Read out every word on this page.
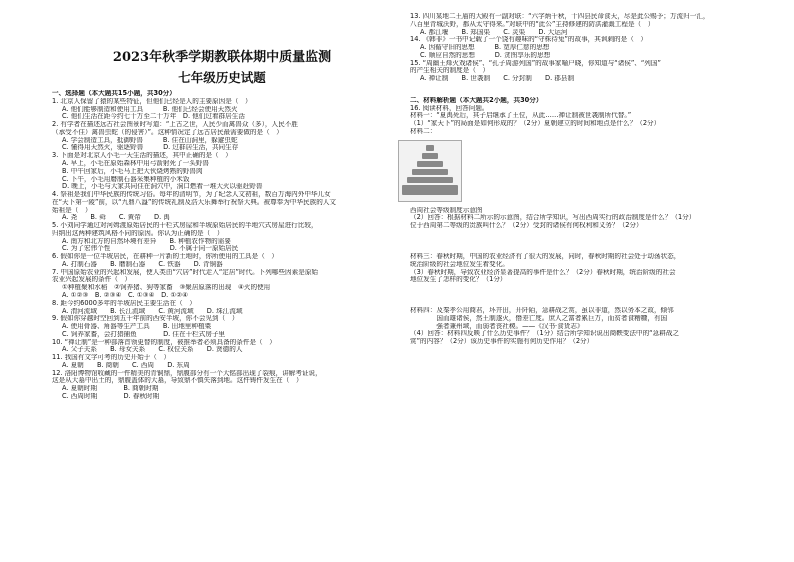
2023年秋季学期教联体期中质量监测
七年级历史试题
一、选择题（本大题共15小题，共30分）
1. 北京人保留了猿的某些特征，但他们已经是人的主要原因是（　）
A. 他们能够制造和使用工具　　　B. 他们已经会使用天然火
C. 他们生活在距今约七十万至二十万年　D. 他们过着群居生活
2. 有学者在描述远古社会图景时写道：“上古之世，人民少而禽兽众（多），人民不胜
（承受不住）禽兽虫蛇（的侵害）”。这种情况定了远古居民最需要做的是（　）
A. 学会制造工具，抵御野兽　　　B. 住在山洞里，躲避虫蛇
C. 懂得用天然火，驱逐野兽　　　D. 过群居生活，共同生存
3. 下面是对北京人小毛一天生活的描述，其中正确的是（　）
A. 早上，小毛在原始森林中用弓箭射死了一头野兽
B. 中午回家后，小毛马上把大伙烧烤熟的野兽肉
C. 下午，小毛用磨制石器采集种植的小米饭
D. 晚上，小毛与大家共同住在洞穴中，洞口燃着一堆大火以驱赶野兽
4. 祭祖是我们中华民族的传统习俗。每年的清明节，为了纪念人文初祖，数百万海内外中华儿女
在“天下第一陵”前，以“九鼎八簋”的传统礼制及浩大乐舞举行祝祭大典。被尊奉为中华民族的人文
始祖是（　）
A. 尧　　B. 舜　　C. 黄帝　　D. 禹
5. 小刘同学通过对河姆渡原始居民的干栏式房屋和半坡原始居民的半地穴式房屋进行比较，
归纳出这两种建筑风格不同的原因。你认为正确的是（　）
A. 南方和北方的自然环境有差异　　B. 种植农作物的需要
C. 为了宏伟个性　　　　　　　　　D. 不属于同一原始居民
6. 假如你是一位半坡居民，在耕种一片新的土地时，你所使用的工具是（　）
A. 打制石器　　B. 磨制石器　　C. 铁器　　D. 青铜器
7. 中国原始农业的兴起和发展，使人类由“穴居”时代走入“定居”时代。下列哪些因素是原始
农业兴起发展的条件（　）
①种植聚和水稻　②饲养猪、狗等家畜　③聚居原落的出现　④火的使用
A. ①②③　B. ②③④　C. ①③④　D. ①②④
8. 距今约6000多年的半坡居民主要生活在（　）
A. 渭河流域　　B. 长江流域　　C. 黄河流域　　D. 珠江流域
9. 假如你穿越时空回到五千年前的西安半坡，你不会见到（　）
A. 使用骨器、角器等生产工具　　B. 田地里种植粟
C. 饲养家畜，会打猎捕鱼　　　　D. 住在干栏式房子里
10. “禅让制”是一种部落首领更替的制度，被推举者必须具备的条件是（　）
A. 父子关系　　B. 母女关系　　C. 权位关系　　D. 贤德的人
11. 我国有文字可考的历史开始于（　）
A. 夏朝　　B. 商朝　　C. 西周　　D. 东周
12. 洛阳博物馆收藏的一件精美的青铜鼎，鼎腹部分有一个大铭部出现了裂痕，讲解考证说，
这是从大墓中出土的，鼎腹盖体的大墓，导致鼎不慎失落到地。这件铸件发生在（　）
A. 夏朝时期　　　　B. 商朝时期
C. 西周时期　　　　D. 春秋时期
13. 四川某地二王庙的大殿有一副对联：“六字炳千秋，十四县民命食天，尽是此公赐予；万流归一汇，
八百里青城沃野，都从太守得来。”对联中的“此公”主持修建的防洪灌溉工程是（　）
A. 都江堰　　B. 郑国渠　　C. 灵渠　　D. 大运河
14. 《韩非》一书中记载了一个饶有趣味的“守株待兔”的故事，其讽刺的是（　）
A. 因循守旧的思想　　　B. 宽厚仁慈的思想
C. 顺应自然的思想　　　D. 贪图享乐的思想
15. “周幽王烽火戏诸侯”、“孔子周游列国”的故事家喻户晓，你知道与“诸侯”、“列国”
的产生相关的制度是（　）
A. 禅让制　　B. 世袭制　　C. 分封制　　D. 郡县制
二、材料解析题（本大题共2小题，共30分）
16. 阅读材料，回答问题。
材料一：“夏禹死后，其子启继承了王位，从此……禅让制被世袭制所代替。”
（1）“家天下”的局面是如何形成的？（2分）夏朝建立的时间和地点是什么？（2分）
材料二：
西周社会等级制度示意图
（2）回答：根据材料二所示的示意图，结合所学知识，写出西周实行的政治制度是什么？（1分）
位于西周第二等级的贵族叫什么？（2分）受封的诸侯有何权利和义务？（2分）
材料三：春秋时期，中国的农业经济有了很大的发展，同时，春秋时期的社会处于动荡状态，
统治阶级的社会地位发生着变化。
（3）春秋时期，导致农业经济显著提高的事件是什么？（2分）春秋时期，统治阶级的社会
地位发生了怎样的变化？（1分）
材料四：及秦孝公用商君，坏井田，开阡陌，急耕战之赏，虽以非道，然以务本之故，倾邻
　　　　国而雄诸侯，然王制遂灭，僭差亡度。庶人之富者累巨万，而贫者食糟糠，有国
　　　　强者兼州域，而弱者丧社稷。——《汉书·食货志》
（4）回答：材料四反映了什么历史事件？（1分）结合所学知识说出商鞅变法中的“急耕战之
赏”的内容？（2分）该历史事件的实施有何历史作用？（2分）
